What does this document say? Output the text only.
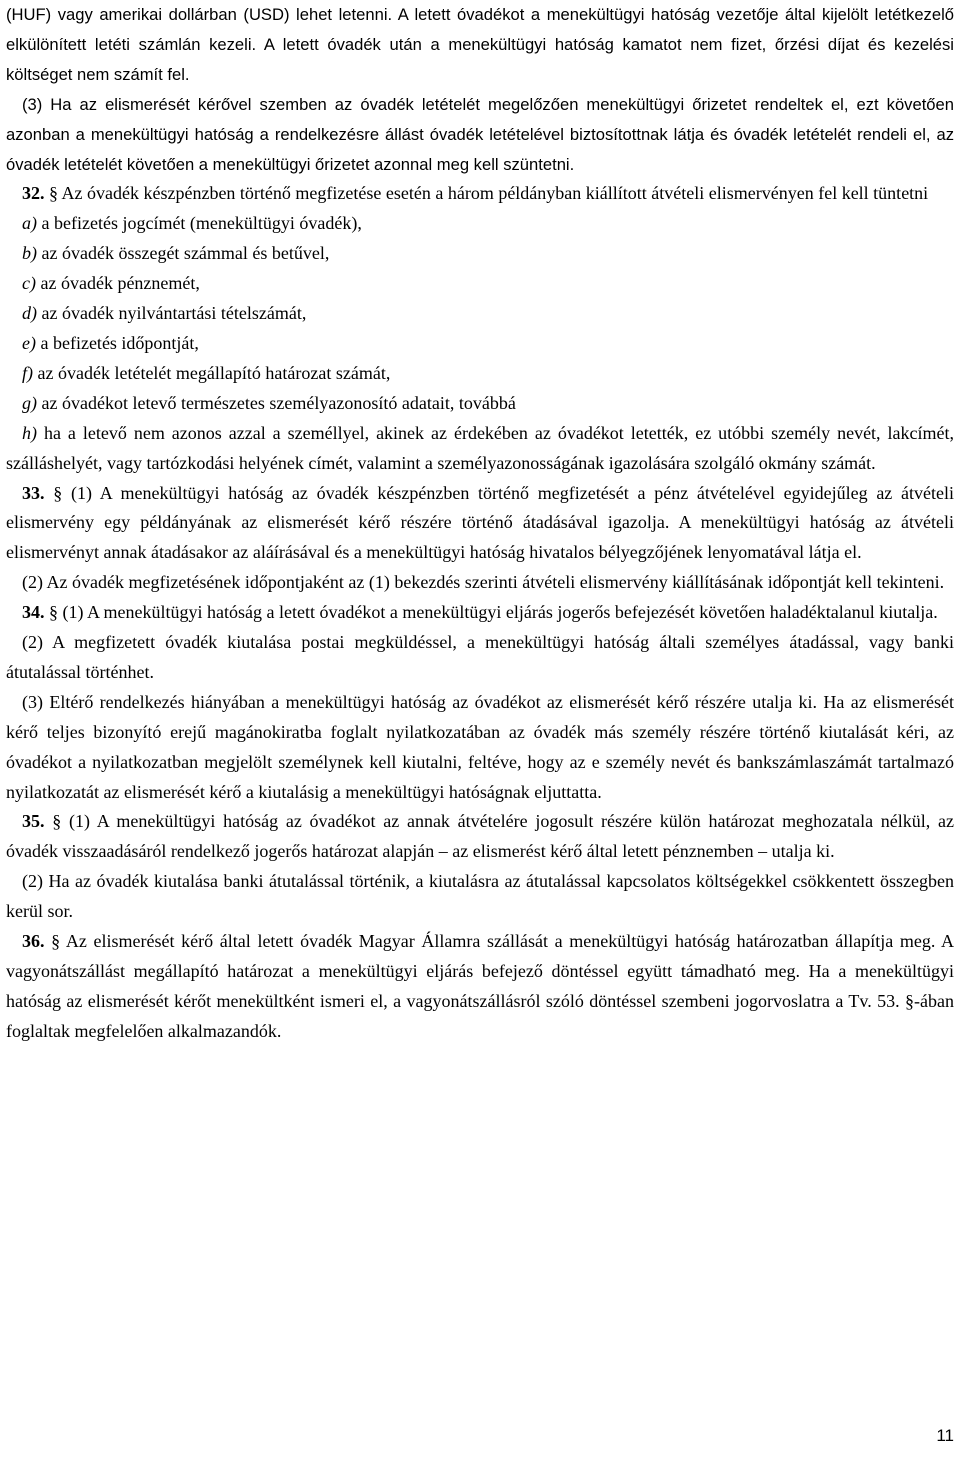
(HUF) vagy amerikai dollárban (USD) lehet letenni. A letett óvadékot a menekültügyi hatóság vezetője által kijelölt letétkezelő elkülönített letéti számlán kezeli. A letett óvadék után a menekültügyi hatóság kamatot nem fizet, őrzési díjat és kezelési költséget nem számít fel.

(3) Ha az elismerését kérővel szemben az óvadék letételét megelőzően menekültügyi őrizetet rendeltek el, ezt követően azonban a menekültügyi hatóság a rendelkezésre állást óvadék letételével biztosítottnak látja és óvadék letételét rendeli el, az óvadék letételét követően a menekültügyi őrizetet azonnal meg kell szüntetni.

32. § Az óvadék készpénzben történő megfizetése esetén a három példányban kiállított átvételi elismervényen fel kell tüntetni

a) a befizetés jogcímét (menekültügyi óvadék),

b) az óvadék összegét számmal és betűvel,

c) az óvadék pénznemét,

d) az óvadék nyilvántartási tételszámát,

e) a befizetés időpontját,

f) az óvadék letételét megállapító határozat számát,

g) az óvadékot letevő természetes személyazonosító adatait, továbbá

h) ha a letevő nem azonos azzal a személlyel, akinek az érdekében az óvadékot letették, ez utóbbi személy nevét, lakcímét, szálláshelyét, vagy tartózkodási helyének címét, valamint a személyazonosságának igazolására szolgáló okmány számát.

33. § (1) A menekültügyi hatóság az óvadék készpénzben történő megfizetését a pénz átvételével egyidejűleg az átvételi elismervény egy példányának az elismerését kérő részére történő átadásával igazolja. A menekültügyi hatóság az átvételi elismervényt annak átadásakor az aláírásával és a menekültügyi hatóság hivatalos bélyegzőjének lenyomatával látja el.

(2) Az óvadék megfizetésének időpontjaként az (1) bekezdés szerinti átvételi elismervény kiállításának időpontját kell tekinteni.

34. § (1) A menekültügyi hatóság a letett óvadékot a menekültügyi eljárás jogerős befejezését követően haladéktalanul kiutalja.

(2) A megfizetett óvadék kiutalása postai megküldéssel, a menekültügyi hatóság általi személyes átadással, vagy banki átutalással történhet.

(3) Eltérő rendelkezés hiányában a menekültügyi hatóság az óvadékot az elismerését kérő részére utalja ki. Ha az elismerését kérő teljes bizonyító erejű magánokiratba foglalt nyilatkozatában az óvadék más személy részére történő kiutalását kéri, az óvadékot a nyilatkozatban megjelölt személynek kell kiutalni, feltéve, hogy az e személy nevét és bankszámlaszámát tartalmazó nyilatkozatát az elismerését kérő a kiutalásig a menekültügyi hatóságnak eljuttatta.

35. § (1) A menekültügyi hatóság az óvadékot az annak átvételére jogosult részére külön határozat meghozatala nélkül, az óvadék visszaadásáról rendelkező jogerős határozat alapján – az elismerést kérő által letett pénznemben – utalja ki.

(2) Ha az óvadék kiutalása banki átutalással történik, a kiutalásra az átutalással kapcsolatos költségekkel csökkentett összegben kerül sor.

36. § Az elismerését kérő által letett óvadék Magyar Államra szállását a menekültügyi hatóság határozatban állapítja meg. A vagyonátszállást megállapító határozat a menekültügyi eljárás befejező döntéssel együtt támadható meg. Ha a menekültügyi hatóság az elismerését kérőt menekültként ismeri el, a vagyonátszállásról szóló döntéssel szembeni jogorvoslatra a Tv. 53. §-ában foglaltak megfelelően alkalmazandók.

11
